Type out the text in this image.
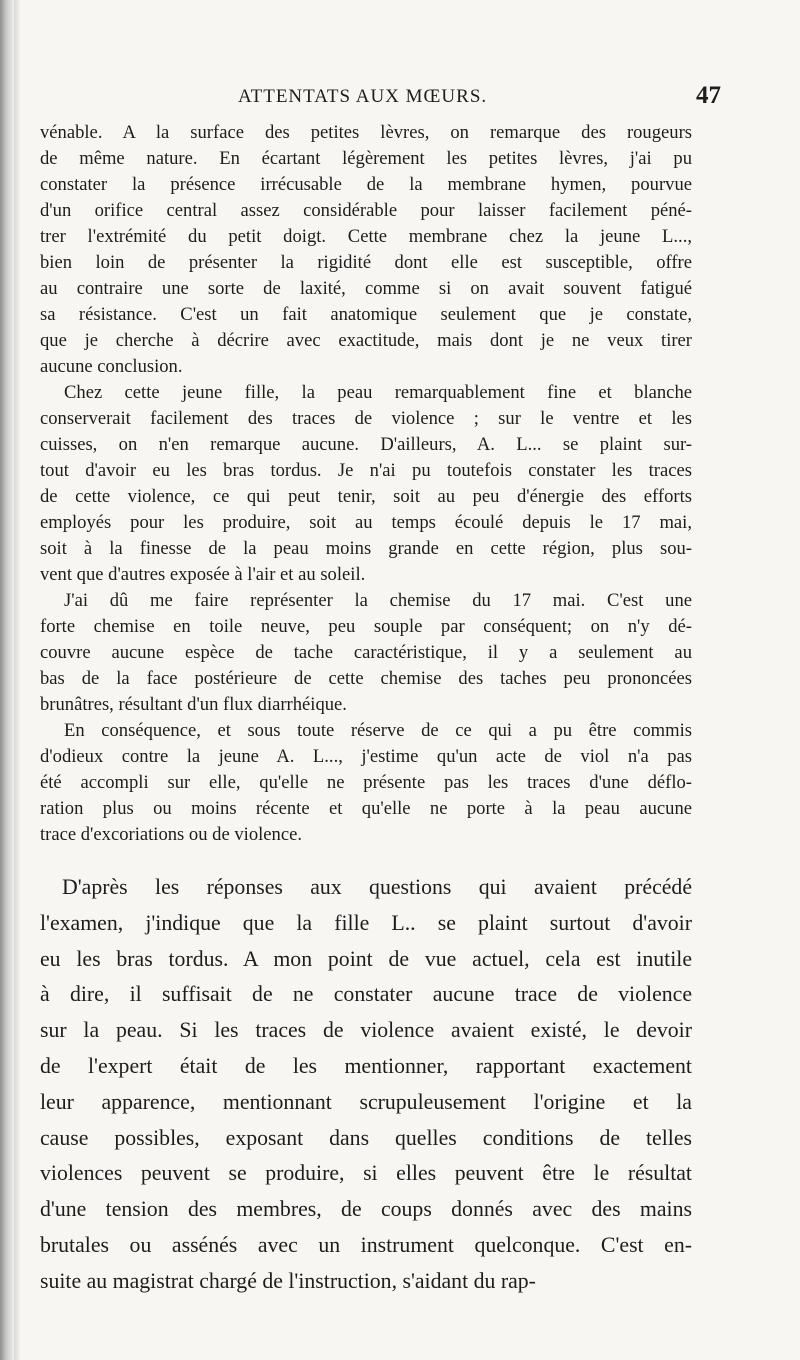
ATTENTATS AUX MŒURS.	47

vénable. A la surface des petites lèvres, on remarque des rougeurs

de même nature. En écartant légèrement les petites lèvres, j'ai pu

constater la présence irrécusable de la membrane hymen, pourvue

d'un orifice central assez considérable pour laisser facilement péné-

trer l'extrémité du petit doigt. Cette membrane chez la jeune L...,

bien loin de présenter la rigidité dont elle est susceptible, offre

au contraire une sorte de laxité, comme si on avait souvent fatigué

sa résistance. C'est un fait anatomique seulement que je constate,

que je cherche à décrire avec exactitude, mais dont je ne veux tirer

aucune conclusion.

Chez cette jeune fille, la peau remarquablement fine et blanche

conserverait facilement des traces de violence ; sur le ventre et les

cuisses, on n'en remarque aucune. D'ailleurs, A. L... se plaint sur-

tout d'avoir eu les bras tordus. Je n'ai pu toutefois constater les traces

de cette violence, ce qui peut tenir, soit au peu d'énergie des efforts

employés pour les produire, soit au temps écoulé depuis le 17 mai,

soit à la finesse de la peau moins grande en cette région, plus sou-

vent que d'autres exposée à l'air et au soleil.

J'ai dû me faire représenter la chemise du 17 mai. C'est une

forte chemise en toile neuve, peu souple par conséquent; on n'y dé-

couvre aucune espèce de tache caractéristique, il y a seulement au

bas de la face postérieure de cette chemise des taches peu prononcées

brunâtres, résultant d'un flux diarrhéique.

En conséquence, et sous toute réserve de ce qui a pu être commis

d'odieux contre la jeune A. L..., j'estime qu'un acte de viol n'a pas

été accompli sur elle, qu'elle ne présente pas les traces d'une déflo-

ration plus ou moins récente et qu'elle ne porte à la peau aucune

trace d'excoriations ou de violence.

D'après les réponses aux questions qui avaient précédé

l'examen, j'indique que la fille L.. se plaint surtout d'avoir

eu les bras tordus. A mon point de vue actuel, cela est inutile

à dire, il suffisait de ne constater aucune trace de violence

sur la peau. Si les traces de violence avaient existé, le devoir

de l'expert était de les mentionner, rapportant exactement

leur apparence, mentionnant scrupuleusement l'origine et la

cause possibles, exposant dans quelles conditions de telles

violences peuvent se produire, si elles peuvent être le résultat

d'une tension des membres, de coups donnés avec des mains

brutales ou assénés avec un instrument quelconque. C'est en-

suite au magistrat chargé de l'instruction, s'aidant du rap-
